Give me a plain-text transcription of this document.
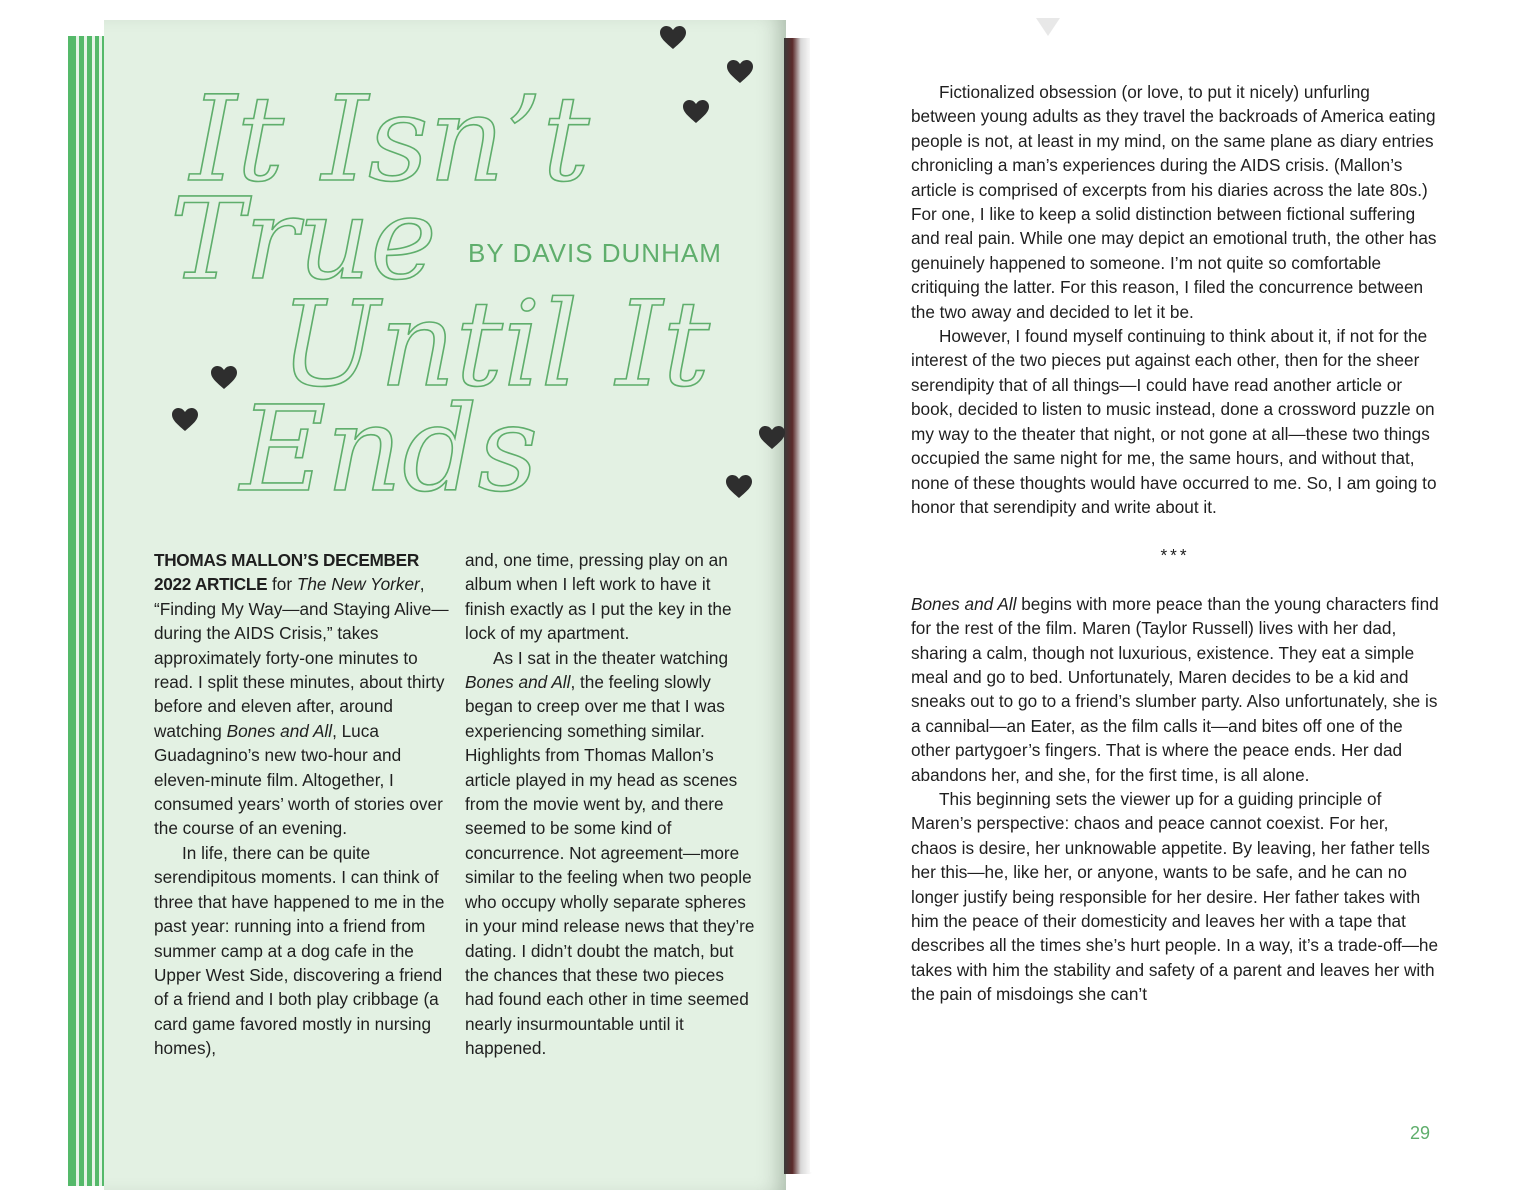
It Isn’t
True
Until It
Ends
BY DAVIS DUNHAM

THOMAS MALLON’S DECEMBER 2022 ARTICLE for The New Yorker, “Finding My Way—and Staying Alive—during the AIDS Crisis,” takes approximately forty-one minutes to read. I split these minutes, about thirty before and eleven after, around watching Bones and All, Luca Guadagnino’s new two-hour and eleven-minute film. Altogether, I consumed years’ worth of stories over the course of an evening.

In life, there can be quite serendipitous moments. I can think of three that have happened to me in the past year: running into a friend from summer camp at a dog cafe in the Upper West Side, discovering a friend of a friend and I both play cribbage (a card game favored mostly in nursing homes),

and, one time, pressing play on an album when I left work to have it finish exactly as I put the key in the lock of my apartment.

As I sat in the theater watching Bones and All, the feeling slowly began to creep over me that I was experiencing something similar. Highlights from Thomas Mallon’s article played in my head as scenes from the movie went by, and there seemed to be some kind of concurrence. Not agreement—more similar to the feeling when two people who occupy wholly separate spheres in your mind release news that they’re dating. I didn’t doubt the match, but the chances that these two pieces had found each other in time seemed nearly insurmountable until it happened.

Fictionalized obsession (or love, to put it nicely) unfurling between young adults as they travel the backroads of America eating people is not, at least in my mind, on the same plane as diary entries chronicling a man’s experiences during the AIDS crisis. (Mallon’s article is comprised of excerpts from his diaries across the late 80s.) For one, I like to keep a solid distinction between fictional suffering and real pain. While one may depict an emotional truth, the other has genuinely happened to someone. I’m not quite so comfortable critiquing the latter. For this reason, I filed the concurrence between the two away and decided to let it be.

However, I found myself continuing to think about it, if not for the interest of the two pieces put against each other, then for the sheer serendipity that of all things—I could have read another article or book, decided to listen to music instead, done a crossword puzzle on my way to the theater that night, or not gone at all—these two things occupied the same night for me, the same hours, and without that, none of these thoughts would have occurred to me. So, I am going to honor that serendipity and write about it.

***

Bones and All begins with more peace than the young characters find for the rest of the film. Maren (Taylor Russell) lives with her dad, sharing a calm, though not luxurious, existence. They eat a simple meal and go to bed. Unfortunately, Maren decides to be a kid and sneaks out to go to a friend’s slumber party. Also unfortunately, she is a cannibal—an Eater, as the film calls it—and bites off one of the other partygoer’s fingers. That is where the peace ends. Her dad abandons her, and she, for the first time, is all alone.

This beginning sets the viewer up for a guiding principle of Maren’s perspective: chaos and peace cannot coexist. For her, chaos is desire, her unknowable appetite. By leaving, her father tells her this—he, like her, or anyone, wants to be safe, and he can no longer justify being responsible for her desire. Her father takes with him the peace of their domesticity and leaves her with a tape that describes all the times she’s hurt people. In a way, it’s a trade-off—he takes with him the stability and safety of a parent and leaves her with the pain of misdoings she can’t

29
